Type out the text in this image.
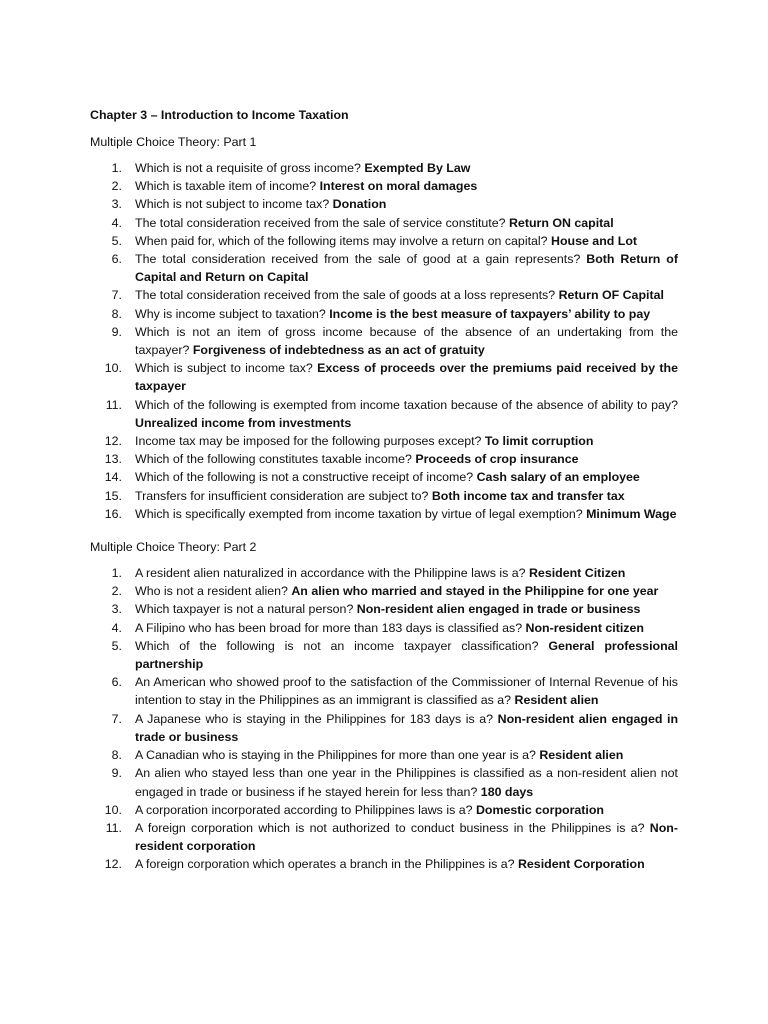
Chapter 3 – Introduction to Income Taxation

Multiple Choice Theory: Part 1

1. Which is not a requisite of gross income? Exempted By Law
2. Which is taxable item of income? Interest on moral damages
3. Which is not subject to income tax? Donation
4. The total consideration received from the sale of service constitute? Return ON capital
5. When paid for, which of the following items may involve a return on capital? House and Lot
6. The total consideration received from the sale of good at a gain represents? Both Return of Capital and Return on Capital
7. The total consideration received from the sale of goods at a loss represents? Return OF Capital
8. Why is income subject to taxation? Income is the best measure of taxpayers’ ability to pay
9. Which is not an item of gross income because of the absence of an undertaking from the taxpayer? Forgiveness of indebtedness as an act of gratuity
10. Which is subject to income tax? Excess of proceeds over the premiums paid received by the taxpayer
11. Which of the following is exempted from income taxation because of the absence of ability to pay? Unrealized income from investments
12. Income tax may be imposed for the following purposes except? To limit corruption
13. Which of the following constitutes taxable income? Proceeds of crop insurance
14. Which of the following is not a constructive receipt of income? Cash salary of an employee
15. Transfers for insufficient consideration are subject to? Both income tax and transfer tax
16. Which is specifically exempted from income taxation by virtue of legal exemption? Minimum Wage

Multiple Choice Theory: Part 2

1. A resident alien naturalized in accordance with the Philippine laws is a? Resident Citizen
2. Who is not a resident alien? An alien who married and stayed in the Philippine for one year
3. Which taxpayer is not a natural person? Non-resident alien engaged in trade or business
4. A Filipino who has been broad for more than 183 days is classified as? Non-resident citizen
5. Which of the following is not an income taxpayer classification? General professional partnership
6. An American who showed proof to the satisfaction of the Commissioner of Internal Revenue of his intention to stay in the Philippines as an immigrant is classified as a? Resident alien
7. A Japanese who is staying in the Philippines for 183 days is a? Non-resident alien engaged in trade or business
8. A Canadian who is staying in the Philippines for more than one year is a? Resident alien
9. An alien who stayed less than one year in the Philippines is classified as a non-resident alien not engaged in trade or business if he stayed herein for less than? 180 days
10. A corporation incorporated according to Philippines laws is a? Domestic corporation
11. A foreign corporation which is not authorized to conduct business in the Philippines is a? Non-resident corporation
12. A foreign corporation which operates a branch in the Philippines is a? Resident Corporation
